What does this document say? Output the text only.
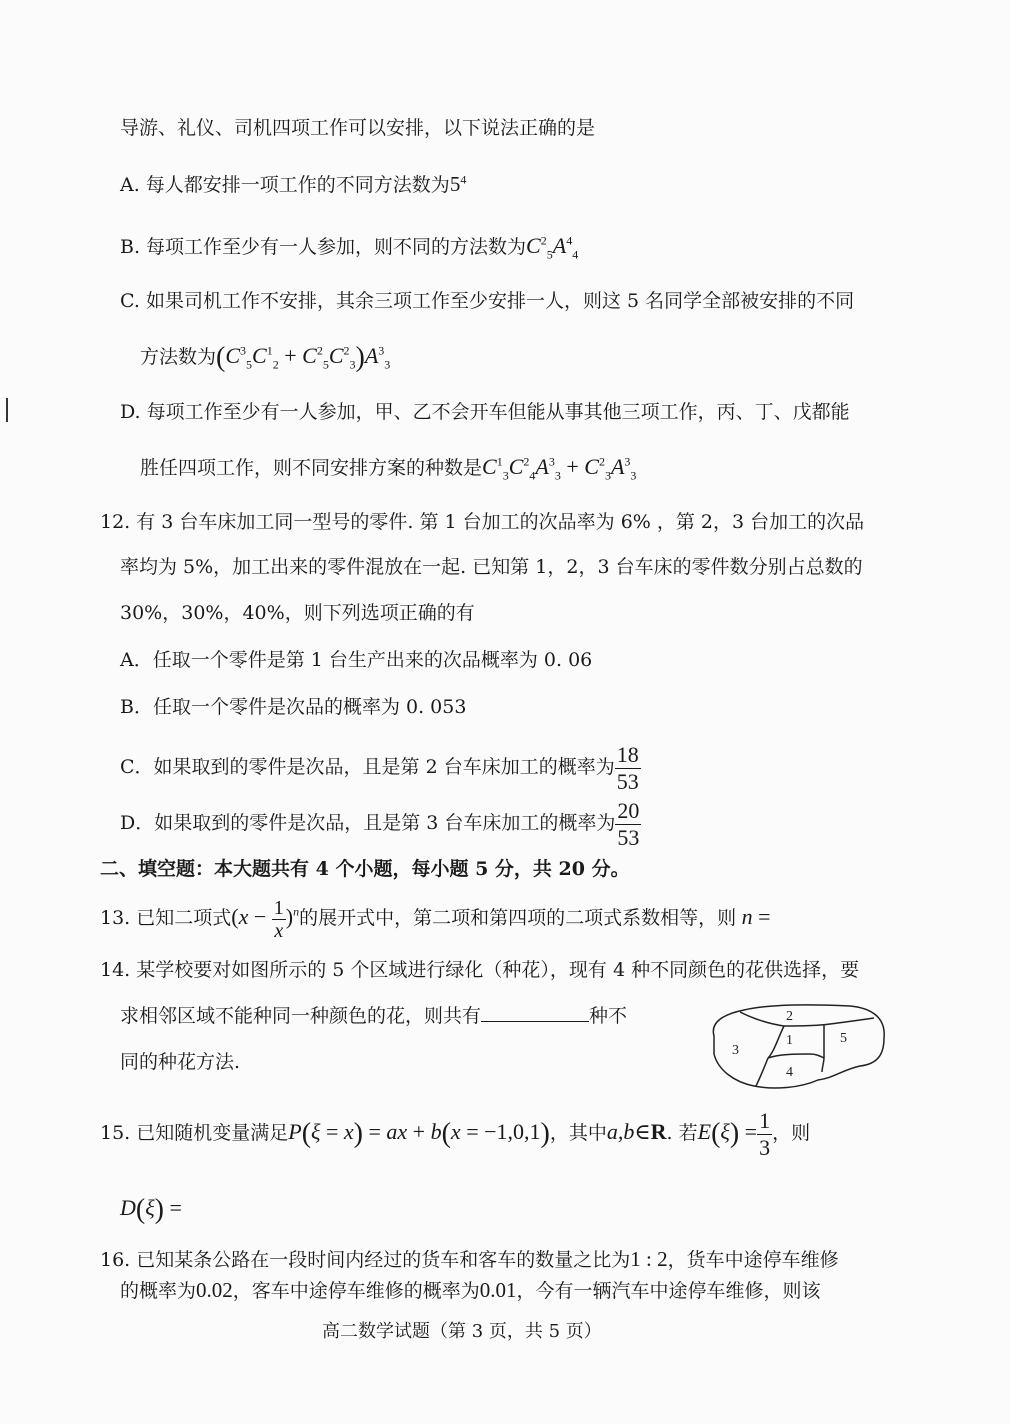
导游、礼仪、司机四项工作可以安排，以下说法正确的是
A. 每人都安排一项工作的不同方法数为$5^4$
B. 每项工作至少有一人参加，则不同的方法数为$C^2_5A^4_4$
C. 如果司机工作不安排，其余三项工作至少安排一人，则这 5 名同学全部被安排的不同
方法数为$(C^3_5C^1_2 + C^2_5C^2_3)A^3_3$
D. 每项工作至少有一人参加，甲、乙不会开车但能从事其他三项工作，丙、丁、戊都能
胜任四项工作，则不同安排方案的种数是$C^1_3C^2_4A^3_3 + C^2_3A^3_3$
12. 有 3 台车床加工同一型号的零件. 第 1 台加工的次品率为 6% ，第 2，3 台加工的次品
率均为 5%，加工出来的零件混放在一起. 已知第 1，2，3 台车床的零件数分别占总数的
30%，30%，40%，则下列选项正确的有
A．任取一个零件是第 1 台生产出来的次品概率为 0. 06
B．任取一个零件是次品的概率为 0. 053
C．如果取到的零件是次品，且是第 2 台车床加工的概率为 $\frac{18}{53}$
D．如果取到的零件是次品，且是第 3 台车床加工的概率为 $\frac{20}{53}$
二、填空题：本大题共有 4 个小题，每小题 5 分，共 20 分。
13. 已知二项式$(x - \frac{1}{x} )^n$的展开式中，第二项和第四项的二项式系数相等，则 n =
14. 某学校要对如图所示的 5 个区域进行绿化（种花），现有 4 种不同颜色的花供选择，要
求相邻区域不能种同一种颜色的花，则共有	种不
同的种花方法.
2
1
3
4
5
15. 已知随机变量满足P(ξ = x) = ax + b(x = −1,0,1)，其中a,b∈R. 若$E(\xi) = \frac{1}{3}$ ，则
D(ξ) =
16. 已知某条公路在一段时间内经过的货车和客车的数量之比为1 : 2，货车中途停车维修
的概率为0.02，客车中途停车维修的概率为0.01，今有一辆汽车中途停车维修，则该
高二数学试题（第 3 页，共 5 页）
